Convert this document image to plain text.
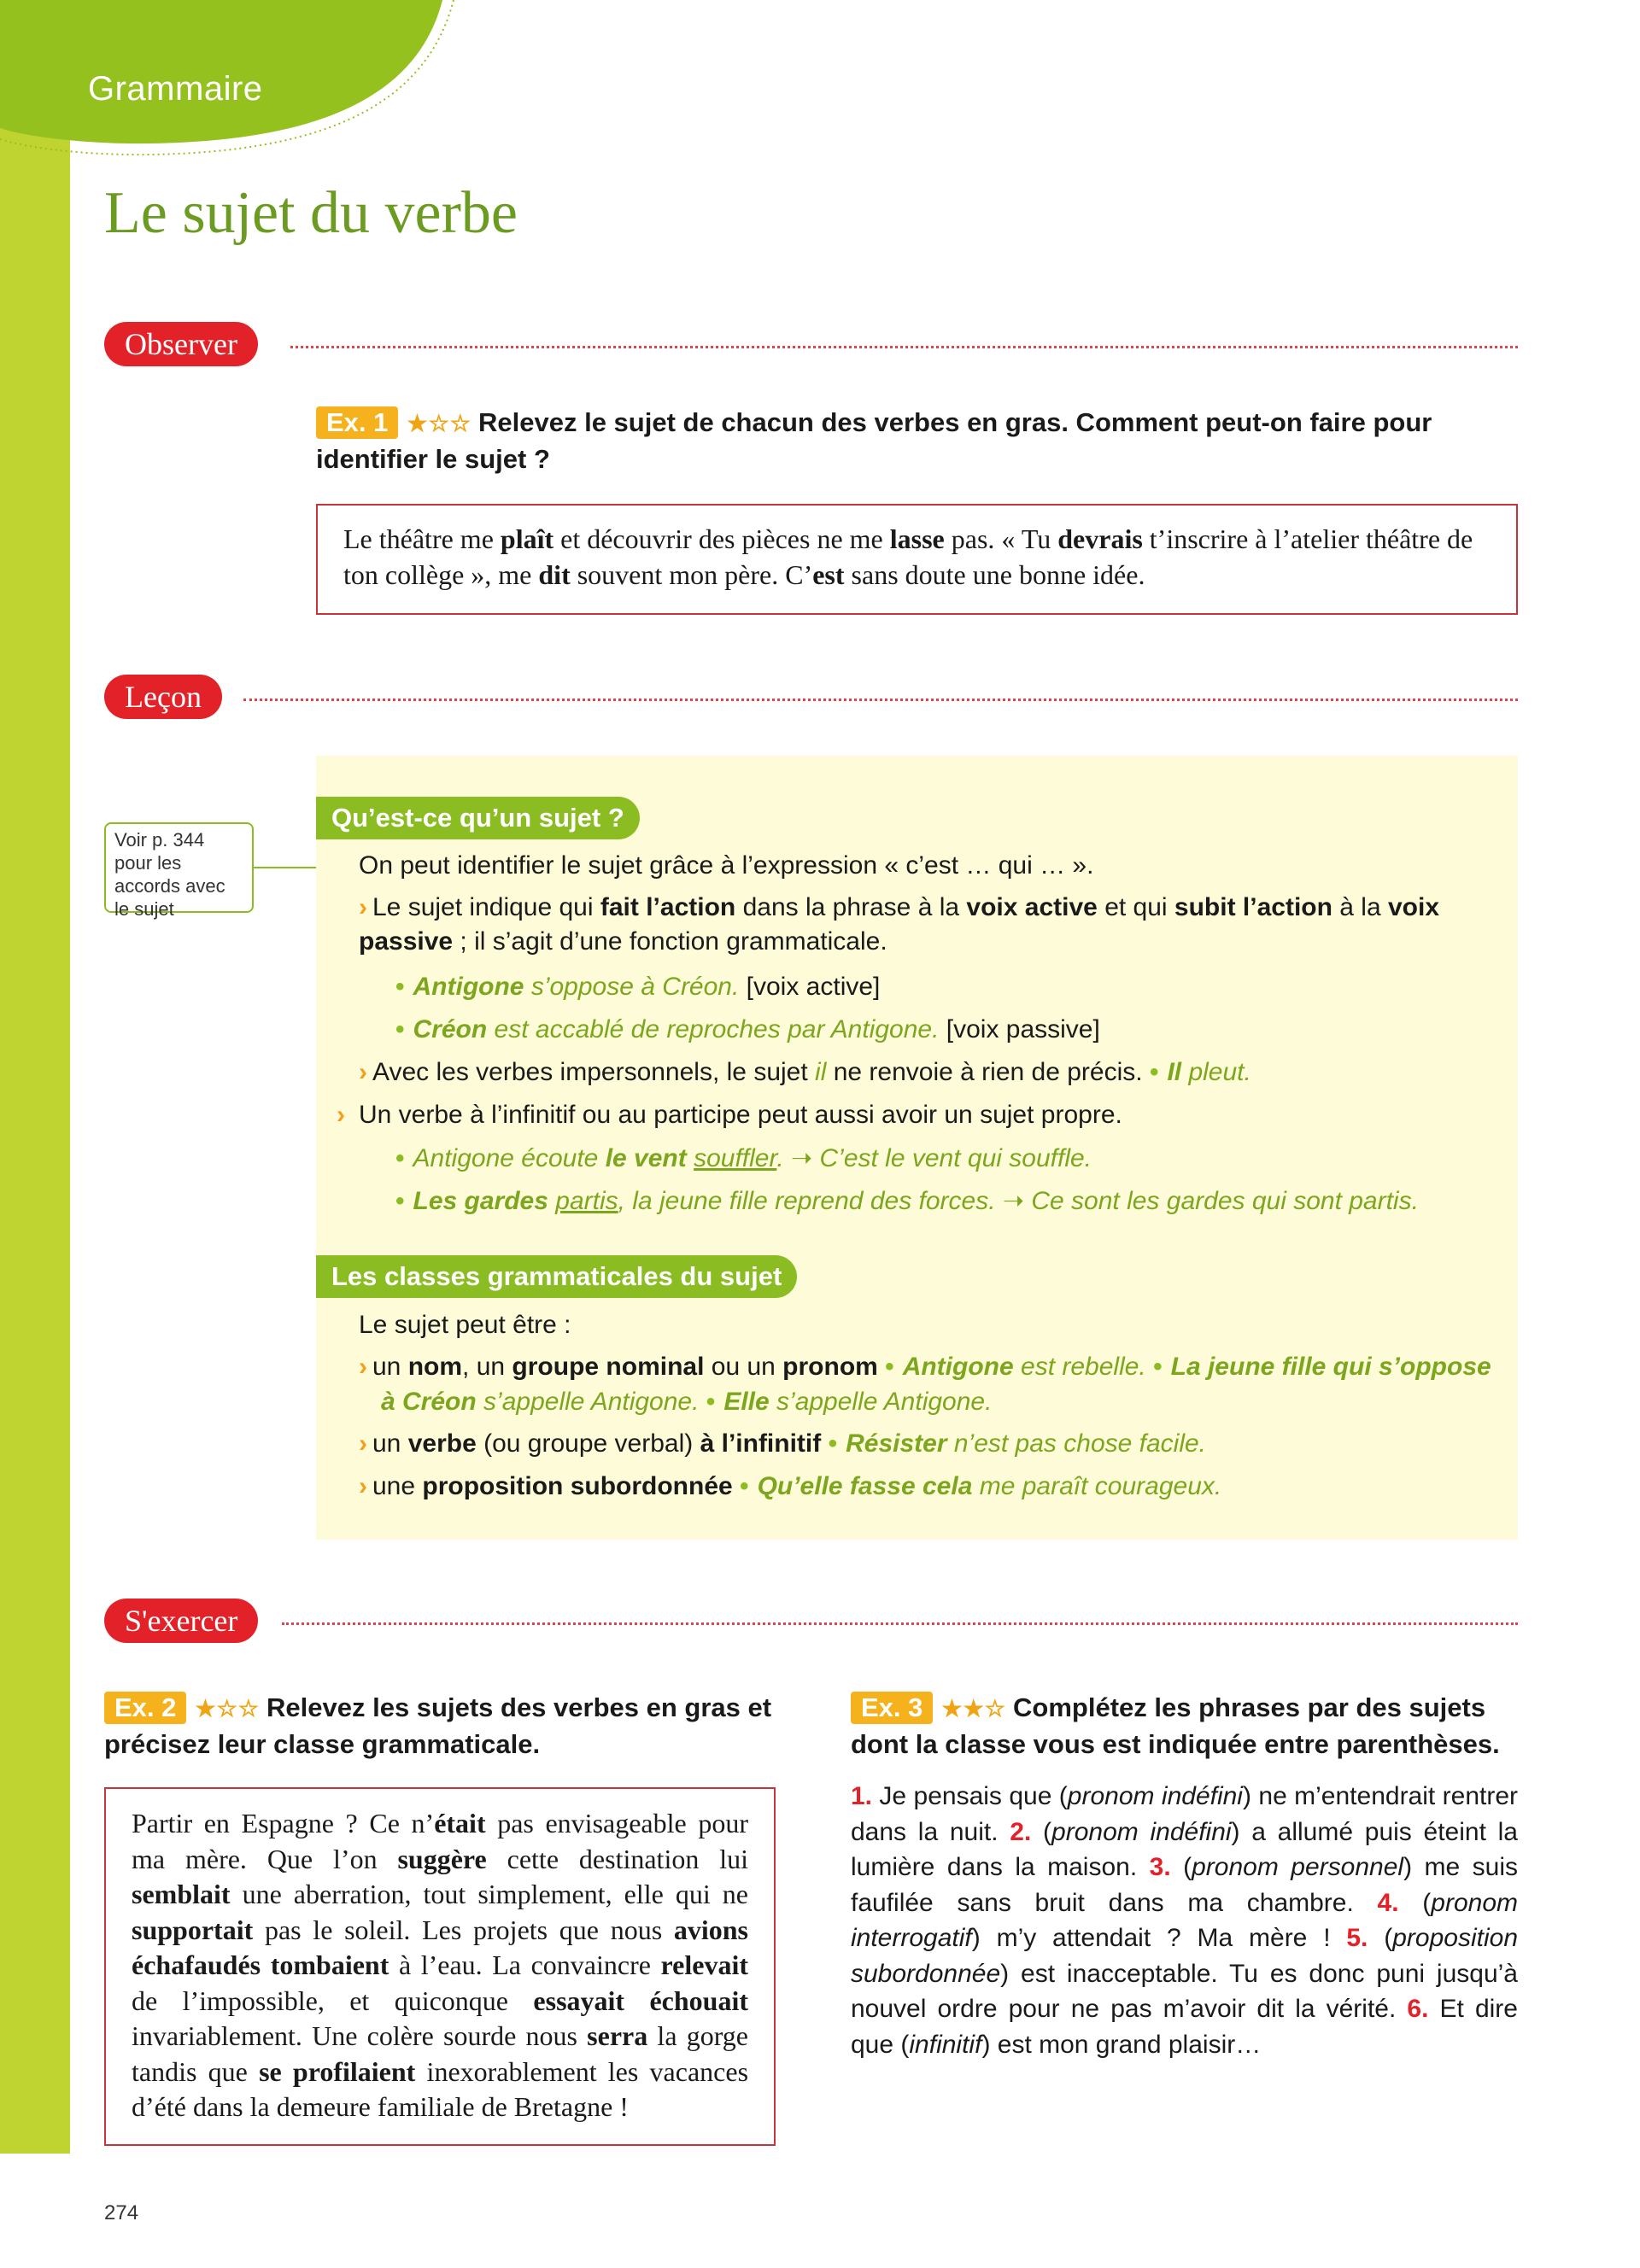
Grammaire
Le sujet du verbe
Observer
Ex. 1 ★☆☆ Relevez le sujet de chacun des verbes en gras. Comment peut-on faire pour identifier le sujet ?
Le théâtre me plaît et découvrir des pièces ne me lasse pas. « Tu devrais t’inscrire à l’atelier théâtre de ton collège », me dit souvent mon père. C’est sans doute une bonne idée.
Leçon
Voir p. 344 pour les accords avec le sujet
Qu’est-ce qu’un sujet ?
On peut identifier le sujet grâce à l’expression « c’est … qui … ».
› Le sujet indique qui fait l’action dans la phrase à la voix active et qui subit l’action à la voix passive ; il s’agit d’une fonction grammaticale.
• Antigone s’oppose à Créon. [voix active]
• Créon est accablé de reproches par Antigone. [voix passive]
› Avec les verbes impersonnels, le sujet il ne renvoie à rien de précis. • Il pleut.
Un verbe à l’infinitif ou au participe peut aussi avoir un sujet propre.
›
• Antigone écoute le vent souffler. ➝ C’est le vent qui souffle.
• Les gardes partis, la jeune fille reprend des forces. ➝ Ce sont les gardes qui sont partis.
Les classes grammaticales du sujet
Le sujet peut être :
› un nom, un groupe nominal ou un pronom • Antigone est rebelle. • La jeune fille qui s’oppose
à Créon s’appelle Antigone. • Elle s’appelle Antigone.
› un verbe (ou groupe verbal) à l’infinitif • Résister n’est pas chose facile.
› une proposition subordonnée • Qu’elle fasse cela me paraît courageux.
S'exercer
Ex. 2 ★☆☆ Relevez les sujets des verbes en gras et précisez leur classe grammaticale.
Partir en Espagne ? Ce n’était pas envisageable pour ma mère. Que l’on suggère cette destination lui semblait une aberration, tout simplement, elle qui ne supportait pas le soleil. Les projets que nous avions échafaudés tombaient à l’eau. La convaincre relevait de l’impossible, et quiconque essayait échouait invariablement. Une colère sourde nous serra la gorge tandis que se profilaient inexorablement les vacances d’été dans la demeure familiale de Bretagne !
Ex. 3 ★★☆ Complétez les phrases par des sujets dont la classe vous est indiquée entre parenthèses.
1. Je pensais que (pronom indéfini) ne m’entendrait rentrer dans la nuit. 2. (pronom indéfini) a allumé puis éteint la lumière dans la maison. 3. (pronom personnel) me suis faufilée sans bruit dans ma chambre. 4. (pronom interrogatif) m’y attendait ? Ma mère ! 5. (proposition subordonnée) est inacceptable. Tu es donc puni jusqu’à nouvel ordre pour ne pas m’avoir dit la vérité. 6. Et dire que (infinitif) est mon grand plaisir…
274
